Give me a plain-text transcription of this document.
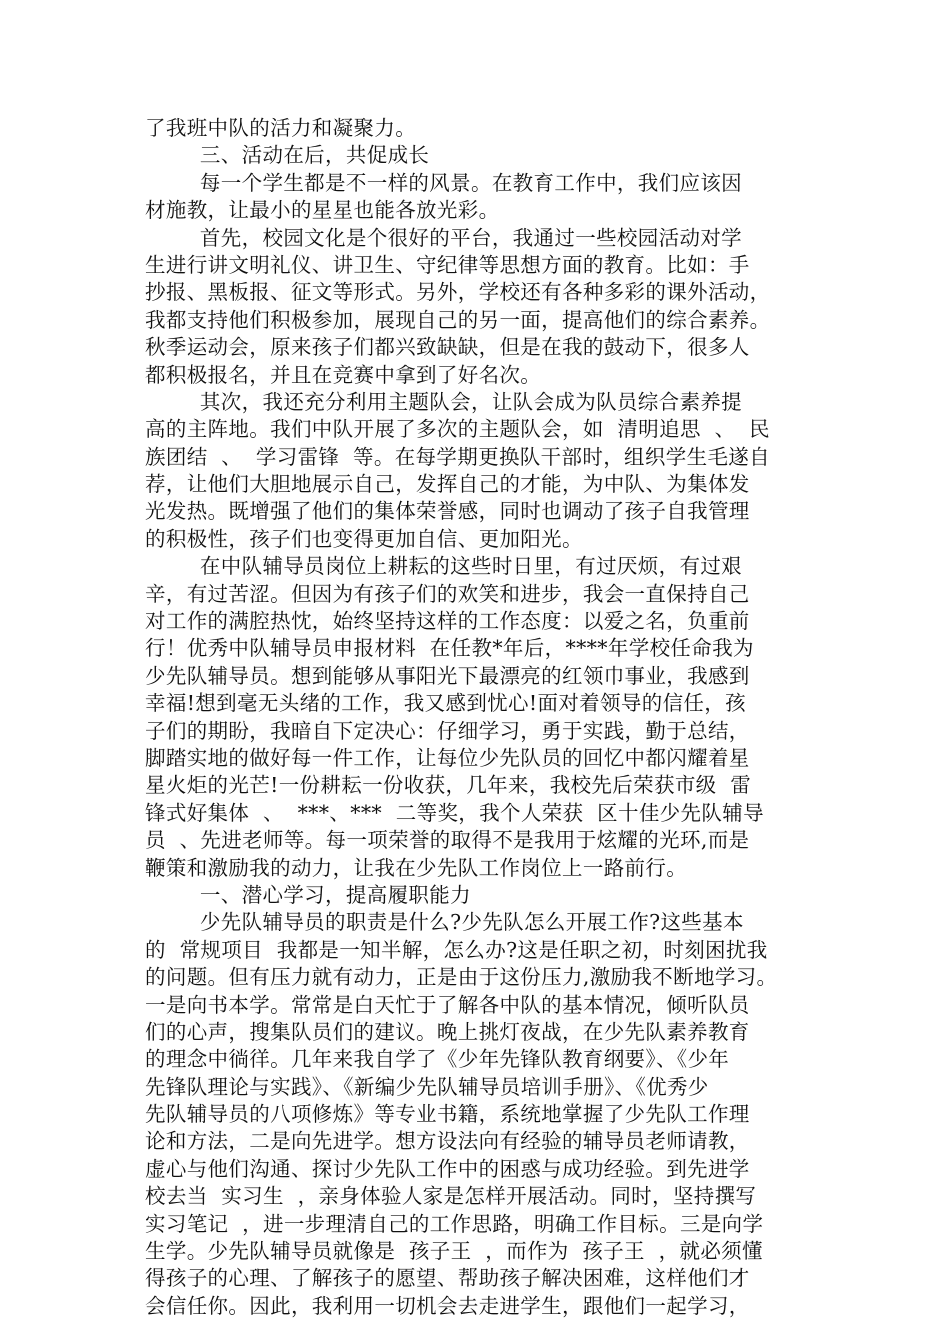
了我班中队的活力和凝聚力。
三、活动在后，共促成长
每一个学生都是不一样的风景。在教育工作中，我们应该因
材施教，让最小的星星也能各放光彩。
首先，校园文化是个很好的平台，我通过一些校园活动对学
生进行讲文明礼仪、讲卫生、守纪律等思想方面的教育。比如：手
抄报、黑板报、征文等形式。另外，学校还有各种多彩的课外活动，
我都支持他们积极参加，展现自己的另一面，提高他们的综合素养。
秋季运动会，原来孩子们都兴致缺缺，但是在我的鼓动下，很多人
都积极报名，并且在竞赛中拿到了好名次。
其次，我还充分利用主题队会，让队会成为队员综合素养提
高的主阵地。我们中队开展了多次的主题队会，如  清明追思  、  民
族团结  、  学习雷锋  等。在每学期更换队干部时，组织学生毛遂自
荐，让他们大胆地展示自己，发挥自己的才能，为中队、为集体发
光发热。既增强了他们的集体荣誉感，同时也调动了孩子自我管理
的积极性，孩子们也变得更加自信、更加阳光。
在中队辅导员岗位上耕耘的这些时日里，有过厌烦，有过艰
辛，有过苦涩。但因为有孩子们的欢笑和进步，我会一直保持自己
对工作的满腔热忱，始终坚持这样的工作态度：以爱之名，负重前
行！优秀中队辅导员申报材料  在任教*年后，****年学校任命我为
少先队辅导员。想到能够从事阳光下最漂亮的红领巾事业，我感到
幸福!想到毫无头绪的工作，我又感到忧心!面对着领导的信任，孩
子们的期盼，我暗自下定决心：仔细学习，勇于实践，勤于总结，
脚踏实地的做好每一件工作，让每位少先队员的回忆中都闪耀着星
星火炬的光芒!一份耕耘一份收获，几年来，我校先后荣获市级  雷
锋式好集体  、  ***、***  二等奖，我个人荣获  区十佳少先队辅导
员  、先进老师等。每一项荣誉的取得不是我用于炫耀的光环,而是
鞭策和激励我的动力，让我在少先队工作岗位上一路前行。
一、潜心学习，提高履职能力
少先队辅导员的职责是什么?少先队怎么开展工作?这些基本
的  常规项目  我都是一知半解，怎么办?这是任职之初，时刻困扰我
的问题。但有压力就有动力，正是由于这份压力,激励我不断地学习。
一是向书本学。常常是白天忙于了解各中队的基本情况，倾听队员
们的心声，搜集队员们的建议。晚上挑灯夜战，在少先队素养教育
的理念中徜徉。几年来我自学了《少年先锋队教育纲要》、《少年
先锋队理论与实践》、《新编少先队辅导员培训手册》、《优秀少
先队辅导员的八项修炼》等专业书籍，系统地掌握了少先队工作理
论和方法，二是向先进学。想方设法向有经验的辅导员老师请教，
虚心与他们沟通、探讨少先队工作中的困惑与成功经验。到先进学
校去当  实习生  ，亲身体验人家是怎样开展活动。同时，坚持撰写
实习笔记  ，进一步理清自己的工作思路，明确工作目标。三是向学
生学。少先队辅导员就像是  孩子王  ，而作为  孩子王  ，就必须懂
得孩子的心理、了解孩子的愿望、帮助孩子解决困难，这样他们才
会信任你。因此，我利用一切机会去走进学生，跟他们一起学习，
